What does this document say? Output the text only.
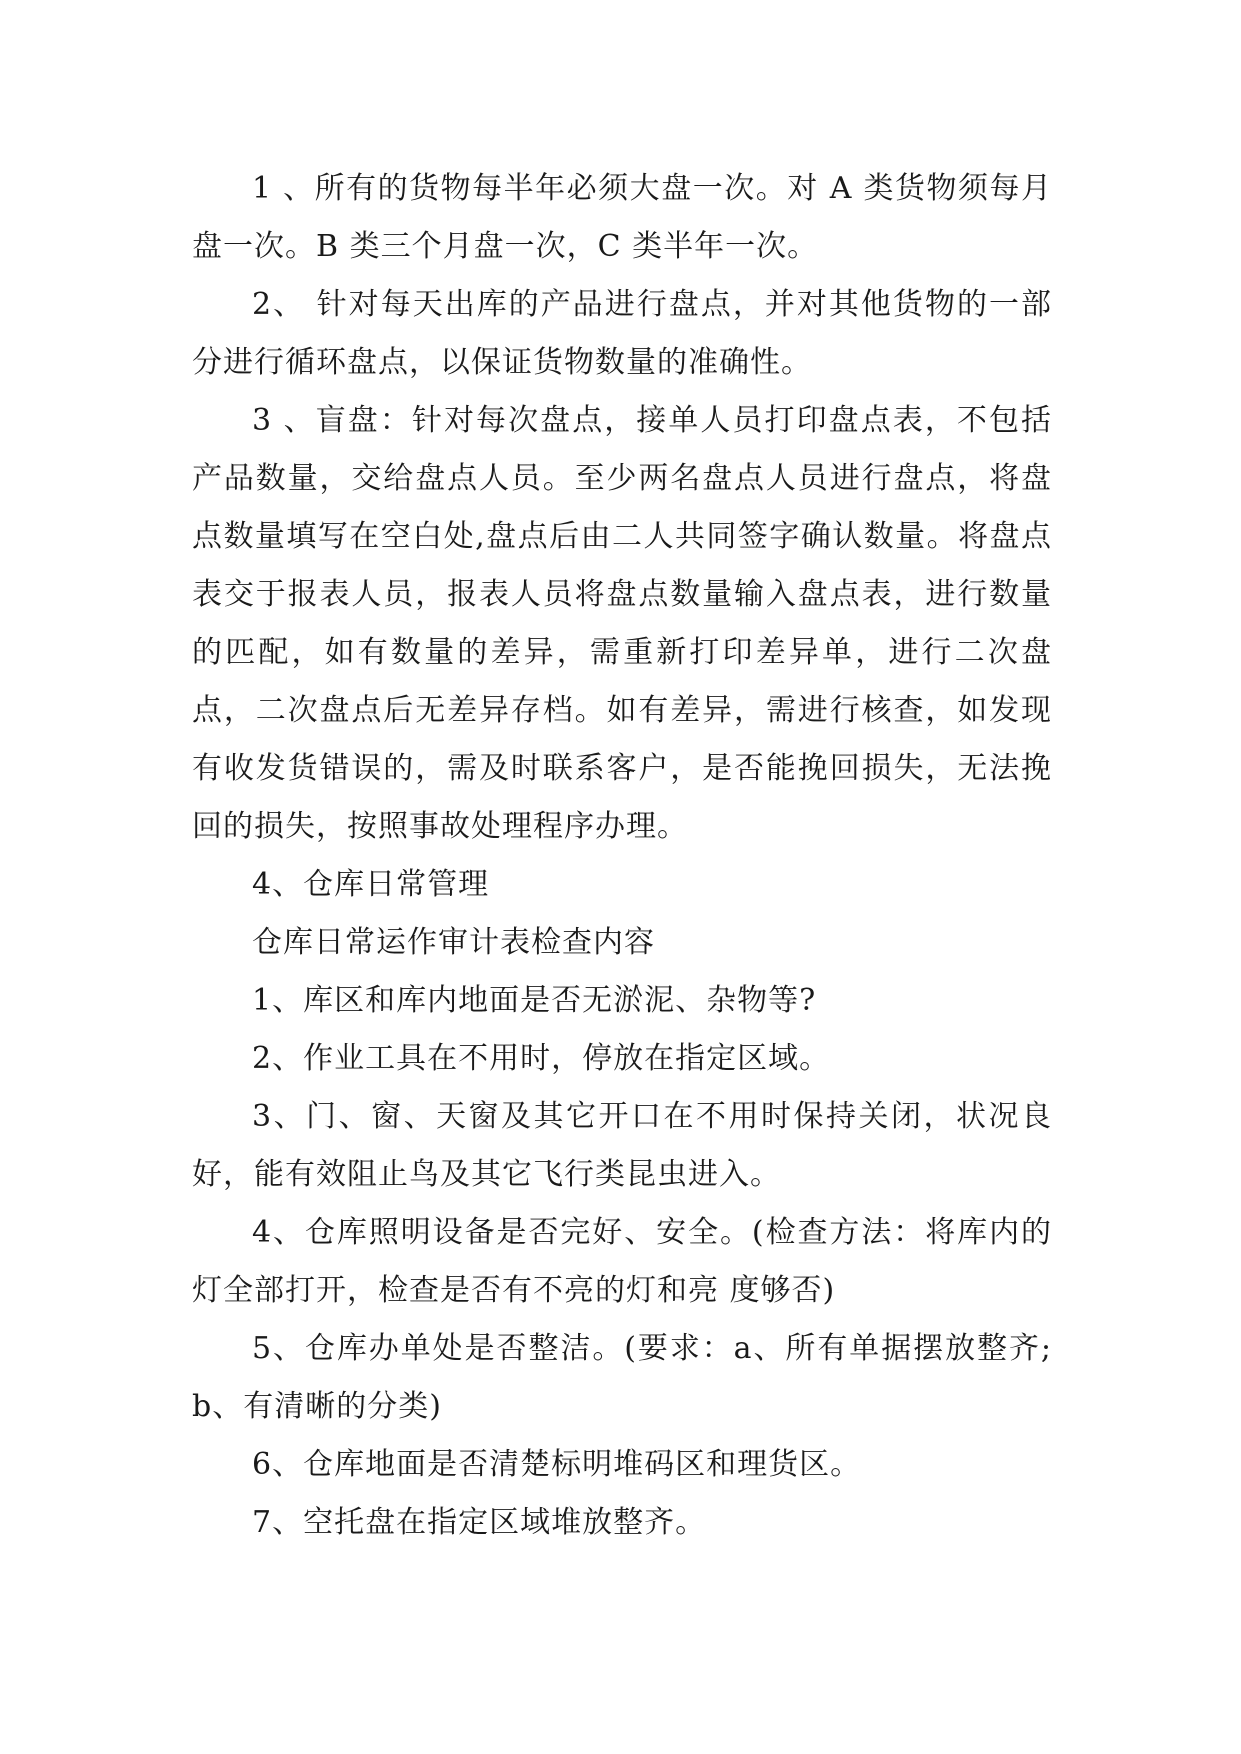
1 、所有的货物每半年必须大盘一次。对 A 类货物须每月盘一次。B 类三个月盘一次，C 类半年一次。

2、 针对每天出库的产品进行盘点，并对其他货物的一部分进行循环盘点，以保证货物数量的准确性。

3 、盲盘：针对每次盘点，接单人员打印盘点表，不包括产品数量，交给盘点人员。至少两名盘点人员进行盘点，将盘点数量填写在空白处,盘点后由二人共同签字确认数量。将盘点表交于报表人员，报表人员将盘点数量输入盘点表，进行数量的匹配，如有数量的差异，需重新打印差异单，进行二次盘点，二次盘点后无差异存档。如有差异，需进行核查，如发现有收发货错误的，需及时联系客户，是否能挽回损失，无法挽回的损失，按照事故处理程序办理。

4、仓库日常管理

仓库日常运作审计表检查内容

1、库区和库内地面是否无淤泥、杂物等?

2、作业工具在不用时，停放在指定区域。

3、门、窗、天窗及其它开口在不用时保持关闭，状况良好，能有效阻止鸟及其它飞行类昆虫进入。

4、仓库照明设备是否完好、安全。(检查方法：将库内的灯全部打开，检查是否有不亮的灯和亮 度够否)

5、仓库办单处是否整洁。(要求：a、所有单据摆放整齐;b、有清晰的分类)

6、仓库地面是否清楚标明堆码区和理货区。

7、空托盘在指定区域堆放整齐。
